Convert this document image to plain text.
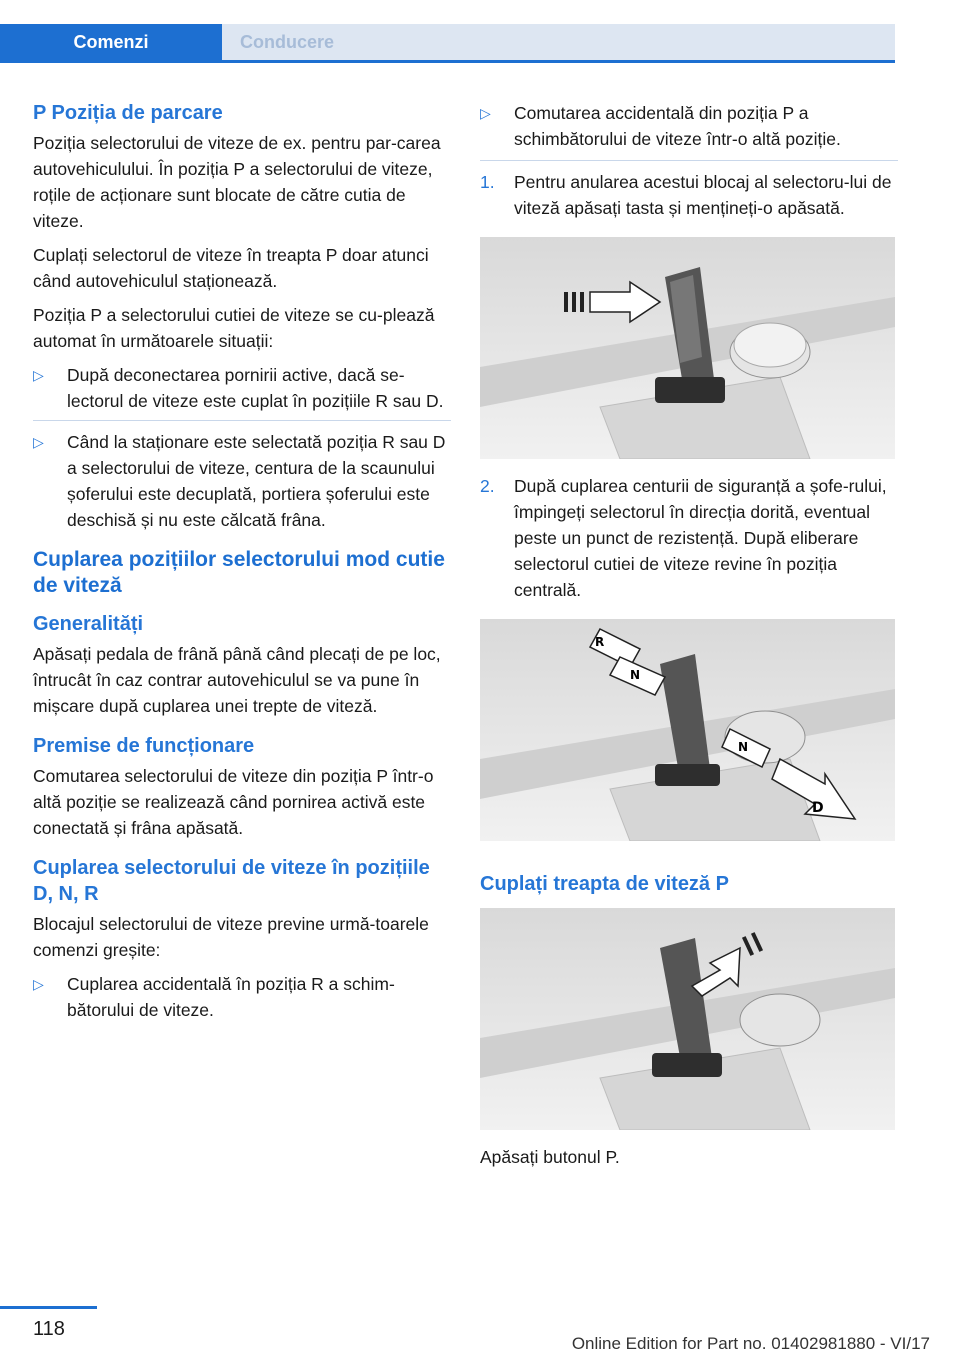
Comenzi	Conducere
P Poziția de parcare

Poziția selectorului de viteze de ex. pentru par-carea autovehiculului. În poziția P a selectorului de viteze, roțile de acționare sunt blocate de către cutia de viteze.

Cuplați selectorul de viteze în treapta P doar atunci când autovehiculul staționează.

Poziția P a selectorului cutiei de viteze se cu-plează automat în următoarele situații:

▷ După deconectarea pornirii active, dacă se-lectorul de viteze este cuplat în pozițiile R sau D.
▷ Când la staționare este selectată poziția R sau D a selectorului de viteze, centura de la scaunului șoferului este decuplată, portiera șoferului este deschisă și nu este călcată frâna.
Cuplarea pozițiilor selectorului mod cutie de viteză
Generalități

Apăsați pedala de frână până când plecați de pe loc, întrucât în caz contrar autovehiculul se va pune în mișcare după cuplarea unei trepte de viteză.

Premise de funcționare

Comutarea selectorului de viteze din poziția P într-o altă poziție se realizează când pornirea activă este conectată și frâna apăsată.

Cuplarea selectorului de viteze în pozițiile D, N, R

Blocajul selectorului de viteze previne urmă-toarele comenzi greșite:

▷ Cuplarea accidentală în poziția R a schim-bătorului de viteze.
▷ Comutarea accidentală din poziția P a schimbătorului de viteze într-o altă poziție.
1. Pentru anularea acestui blocaj al selectoru-lui de viteză apăsați tasta și mențineți-o apăsată.
2. După cuplarea centurii de siguranță a șofe-rului, împingeți selectorul în direcția dorită, eventual peste un punct de rezistență. După eliberare selectorul cutiei de viteze revine în poziția centrală.
R
N
N
D
Cuplați treapta de viteză P

Apăsați butonul P.

118
Online Edition for Part no. 01402981880 - VI/17
